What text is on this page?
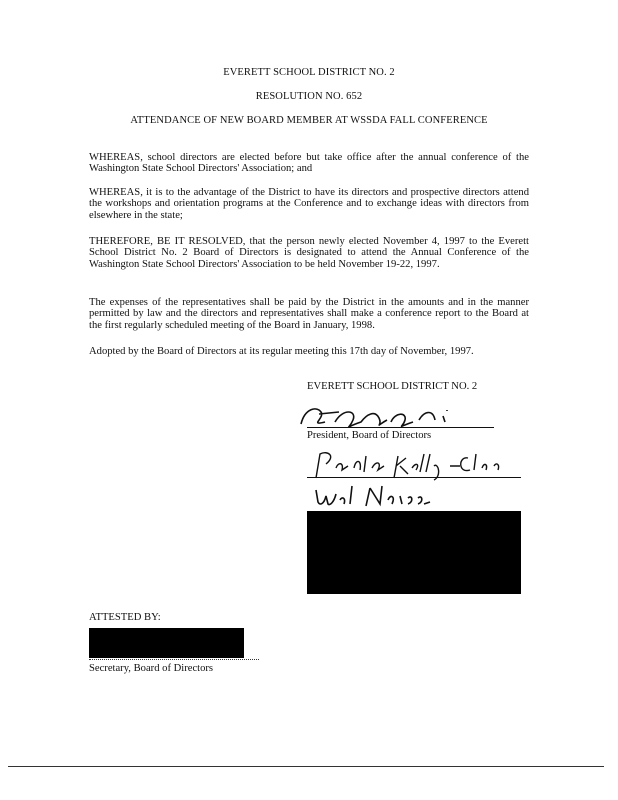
EVERETT SCHOOL DISTRICT NO. 2
RESOLUTION NO. 652
ATTENDANCE OF NEW BOARD MEMBER AT WSSDA FALL CONFERENCE
WHEREAS, school directors are elected before but take office after the annual conference of the Washington State School Directors' Association; and
WHEREAS, it is to the advantage of the District to have its directors and prospective directors attend the workshops and orientation programs at the Conference and to exchange ideas with directors from elsewhere in the state;
THEREFORE, BE IT RESOLVED, that the person newly elected November 4, 1997 to the Everett School District No. 2 Board of Directors is designated to attend the Annual Conference of the Washington State School Directors' Association to be held November 19-22, 1997.
The expenses of the representatives shall be paid by the District in the amounts and in the manner permitted by law and the directors and representatives shall make a conference report to the Board at the first regularly scheduled meeting of the Board in January, 1998.
Adopted by the Board of Directors at its regular meeting this 17th day of November, 1997.
EVERETT SCHOOL DISTRICT NO. 2
President, Board of Directors
ATTESTED BY:
Secretary, Board of Directors
